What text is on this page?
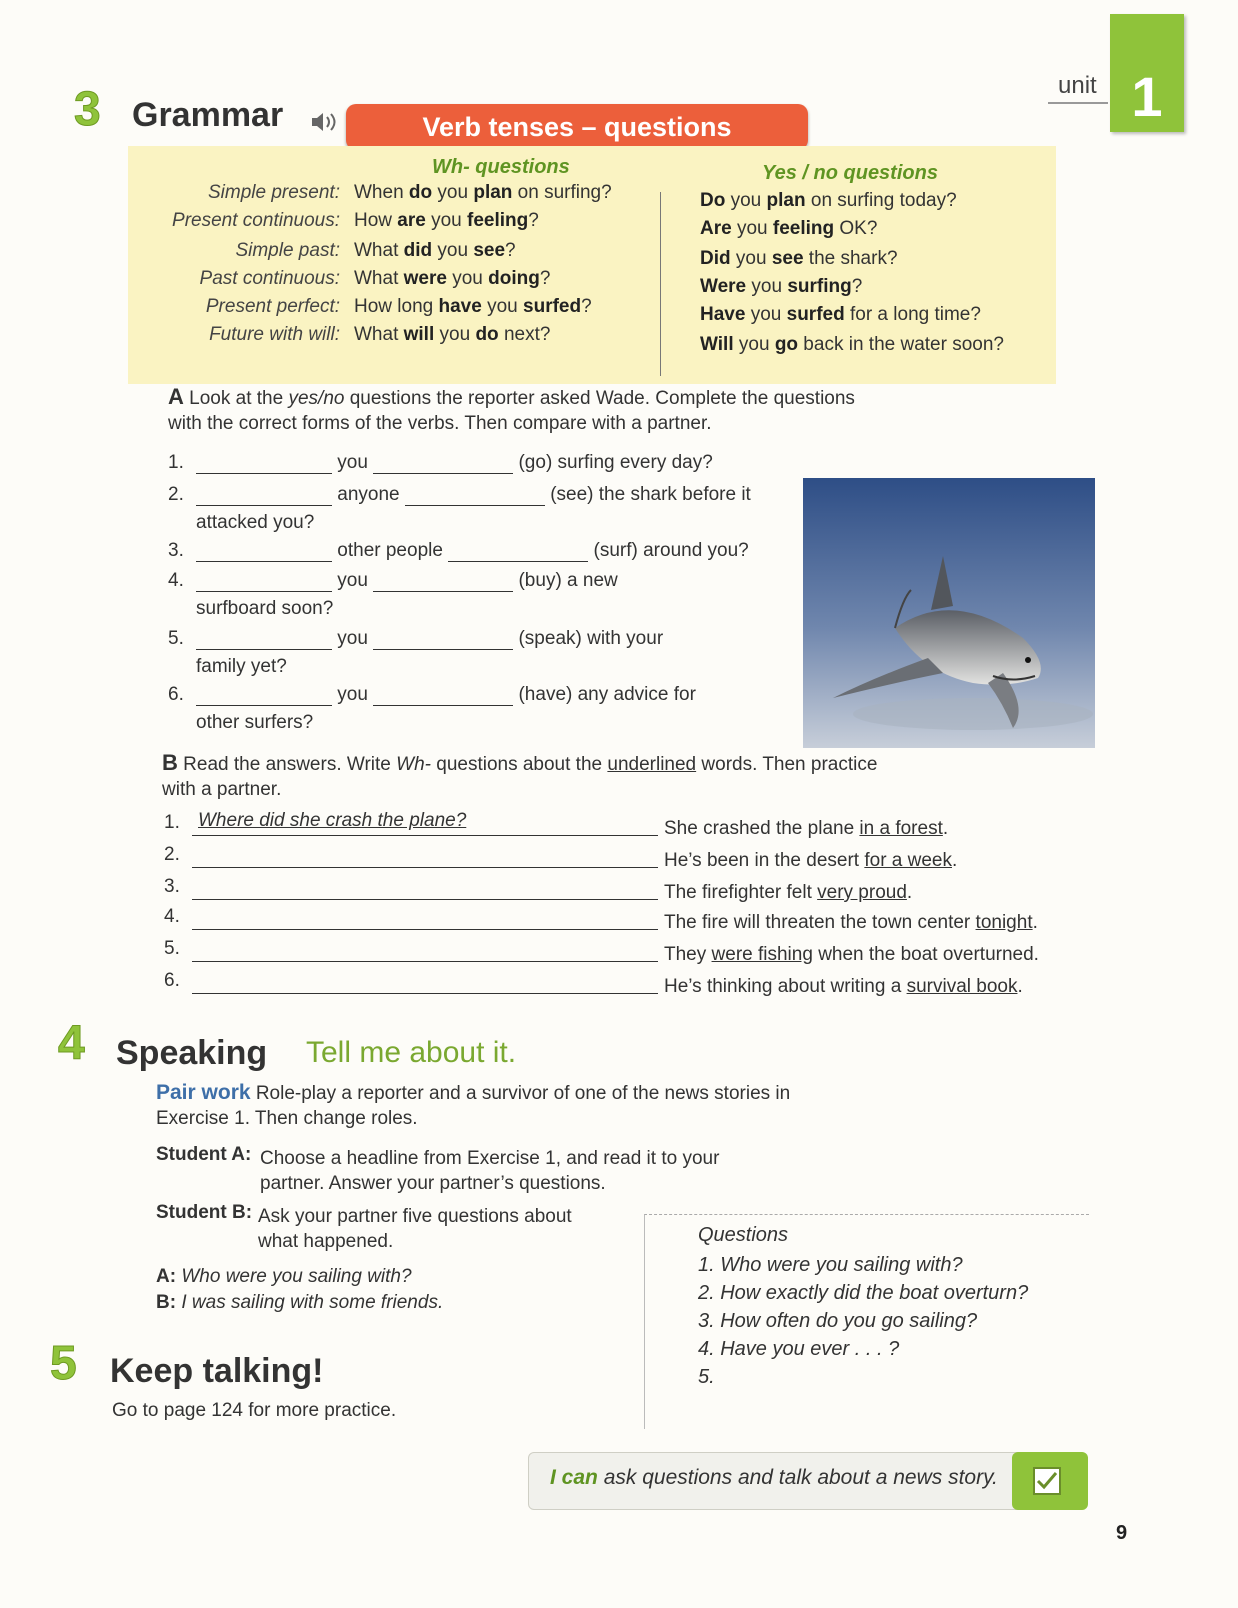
unit 1
3 Grammar	Verb tenses – questions
Wh- questions	Yes / no questions
Simple present: When do you plan on surfing?	Do you plan on surfing today?
Present continuous: How are you feeling?	Are you feeling OK?
Simple past: What did you see?	Did you see the shark?
Past continuous: What were you doing?	Were you surfing?
Present perfect: How long have you surfed?	Have you surfed for a long time?
Future with will: What will you do next?	Will you go back in the water soon?
A Look at the yes/no questions the reporter asked Wade. Complete the questions
with the correct forms of the verbs. Then compare with a partner.
1.	you	(go) surfing every day?
2.	anyone	(see) the shark before it
attacked you?
3.	other people	(surf) around you?
4.	you	(buy) a new
surfboard soon?
5.	you	(speak) with your
family yet?
6.	you	(have) any advice for
other surfers?
B Read the answers. Write Wh- questions about the underlined words. Then practice
with a partner.
1. Where did she crash the plane?	She crashed the plane in a forest.
2.	He’s been in the desert for a week.
3.	The firefighter felt very proud.
4.	The fire will threaten the town center tonight.
5.	They were fishing when the boat overturned.
6.	He’s thinking about writing a survival book.
4 Speaking Tell me about it.
Pair work Role-play a reporter and a survivor of one of the news stories in
Exercise 1. Then change roles.
Student A: Choose a headline from Exercise 1, and read it to your
partner. Answer your partner’s questions.
Student B: Ask your partner five questions about
what happened.
A: Who were you sailing with?
B: I was sailing with some friends.
Questions
1. Who were you sailing with?
2. How exactly did the boat overturn?
3. How often do you go sailing?
4. Have you ever . . . ?
5.
5 Keep talking!
Go to page 124 for more practice.
I can ask questions and talk about a news story.
9
